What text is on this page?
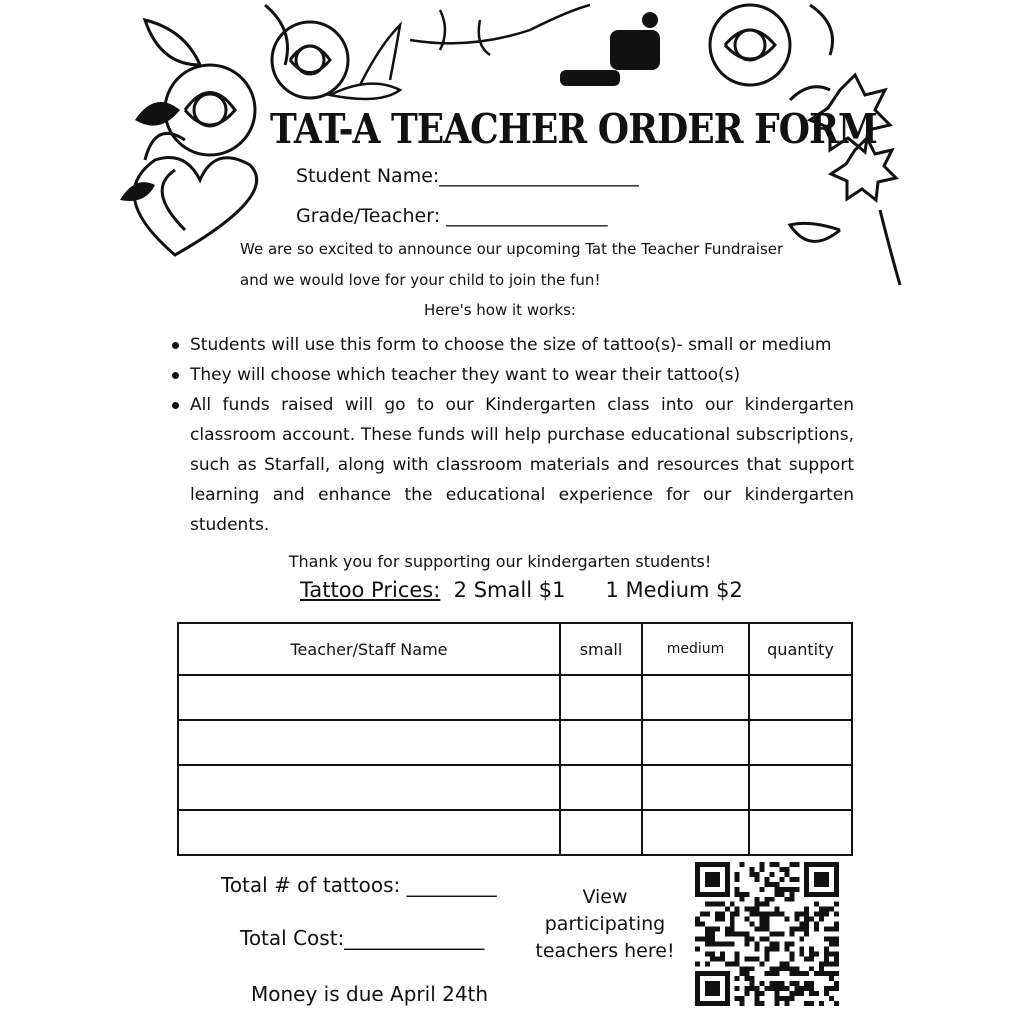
TAT-A TEACHER ORDER FORM
Student Name:_____________________
Grade/Teacher: _________________
We are so excited to announce our upcoming Tat the Teacher Fundraiser
and we would love for your child to join the fun!
Here's how it works:
Students will use this form to choose the size of tattoo(s)- small or medium
They will choose which teacher they want to wear their tattoo(s)
All funds raised will go to our Kindergarten class into our kindergarten classroom account. These funds will help purchase educational subscriptions, such as Starfall, along with classroom materials and resources that support learning and enhance the educational experience for our kindergarten students.
Thank you for supporting our kindergarten students!
Tattoo Prices: 2 Small $1 1 Medium $2
Teacher/Staff Name	small	medium	quantity

Total # of tattoos: _________
Total Cost:______________
Money is due April 24th
View
participating
teachers here!
